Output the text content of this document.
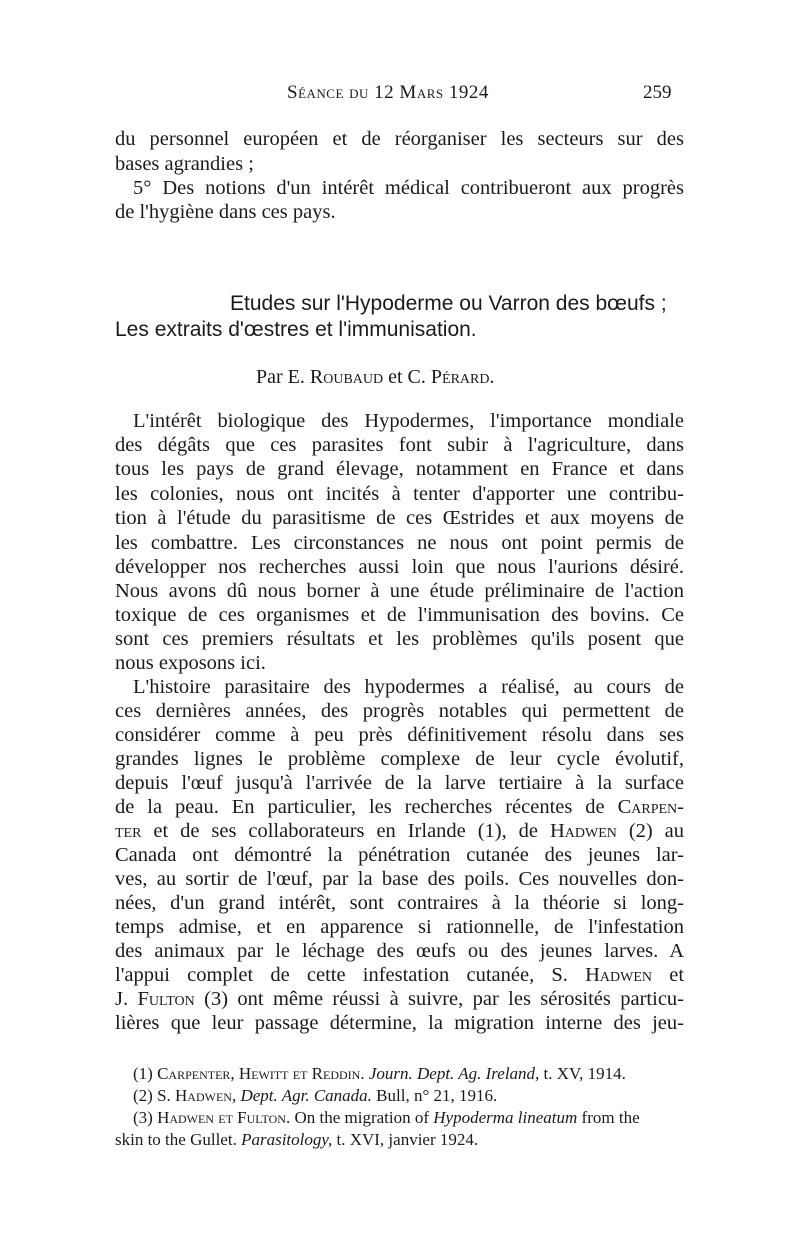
Séance du 12 Mars 1924	259
du personnel européen et de réorganiser les secteurs sur des
bases agrandies ;
5° Des notions d'un intérêt médical contribueront aux progrès
de l'hygiène dans ces pays.
Etudes sur l'Hypoderme ou Varron des bœufs ;
Les extraits d'œstres et l'immunisation.
Par E. Roubaud et C. Pérard.
L'intérêt biologique des Hypodermes, l'importance mondiale
des dégâts que ces parasites font subir à l'agriculture, dans
tous les pays de grand élevage, notamment en France et dans
les colonies, nous ont incités à tenter d'apporter une contribu-
tion à l'étude du parasitisme de ces Œstrides et aux moyens de
les combattre. Les circonstances ne nous ont point permis de
développer nos recherches aussi loin que nous l'aurions désiré.
Nous avons dû nous borner à une étude préliminaire de l'action
toxique de ces organismes et de l'immunisation des bovins. Ce
sont ces premiers résultats et les problèmes qu'ils posent que
nous exposons ici.
L'histoire parasitaire des hypodermes a réalisé, au cours de
ces dernières années, des progrès notables qui permettent de
considérer comme à peu près définitivement résolu dans ses
grandes lignes le problème complexe de leur cycle évolutif,
depuis l'œuf jusqu'à l'arrivée de la larve tertiaire à la surface
de la peau. En particulier, les recherches récentes de Carpen-
ter et de ses collaborateurs en Irlande (1), de Hadwen (2) au
Canada ont démontré la pénétration cutanée des jeunes lar-
ves, au sortir de l'œuf, par la base des poils. Ces nouvelles don-
nées, d'un grand intérêt, sont contraires à la théorie si long-
temps admise, et en apparence si rationnelle, de l'infestation
des animaux par le léchage des œufs ou des jeunes larves. A
l'appui complet de cette infestation cutanée, S. Hadwen et
J. Fulton (3) ont même réussi à suivre, par les sérosités particu-
lières que leur passage détermine, la migration interne des jeu-
(1) Carpenter, Hewitt et Reddin. Journ. Dept. Ag. Ireland, t. XV, 1914.
(2) S. Hadwen, Dept. Agr. Canada. Bull, n° 21, 1916.
(3) Hadwen et Fulton. On the migration of Hypoderma lineatum from the
skin to the Gullet. Parasitology, t. XVI, janvier 1924.
